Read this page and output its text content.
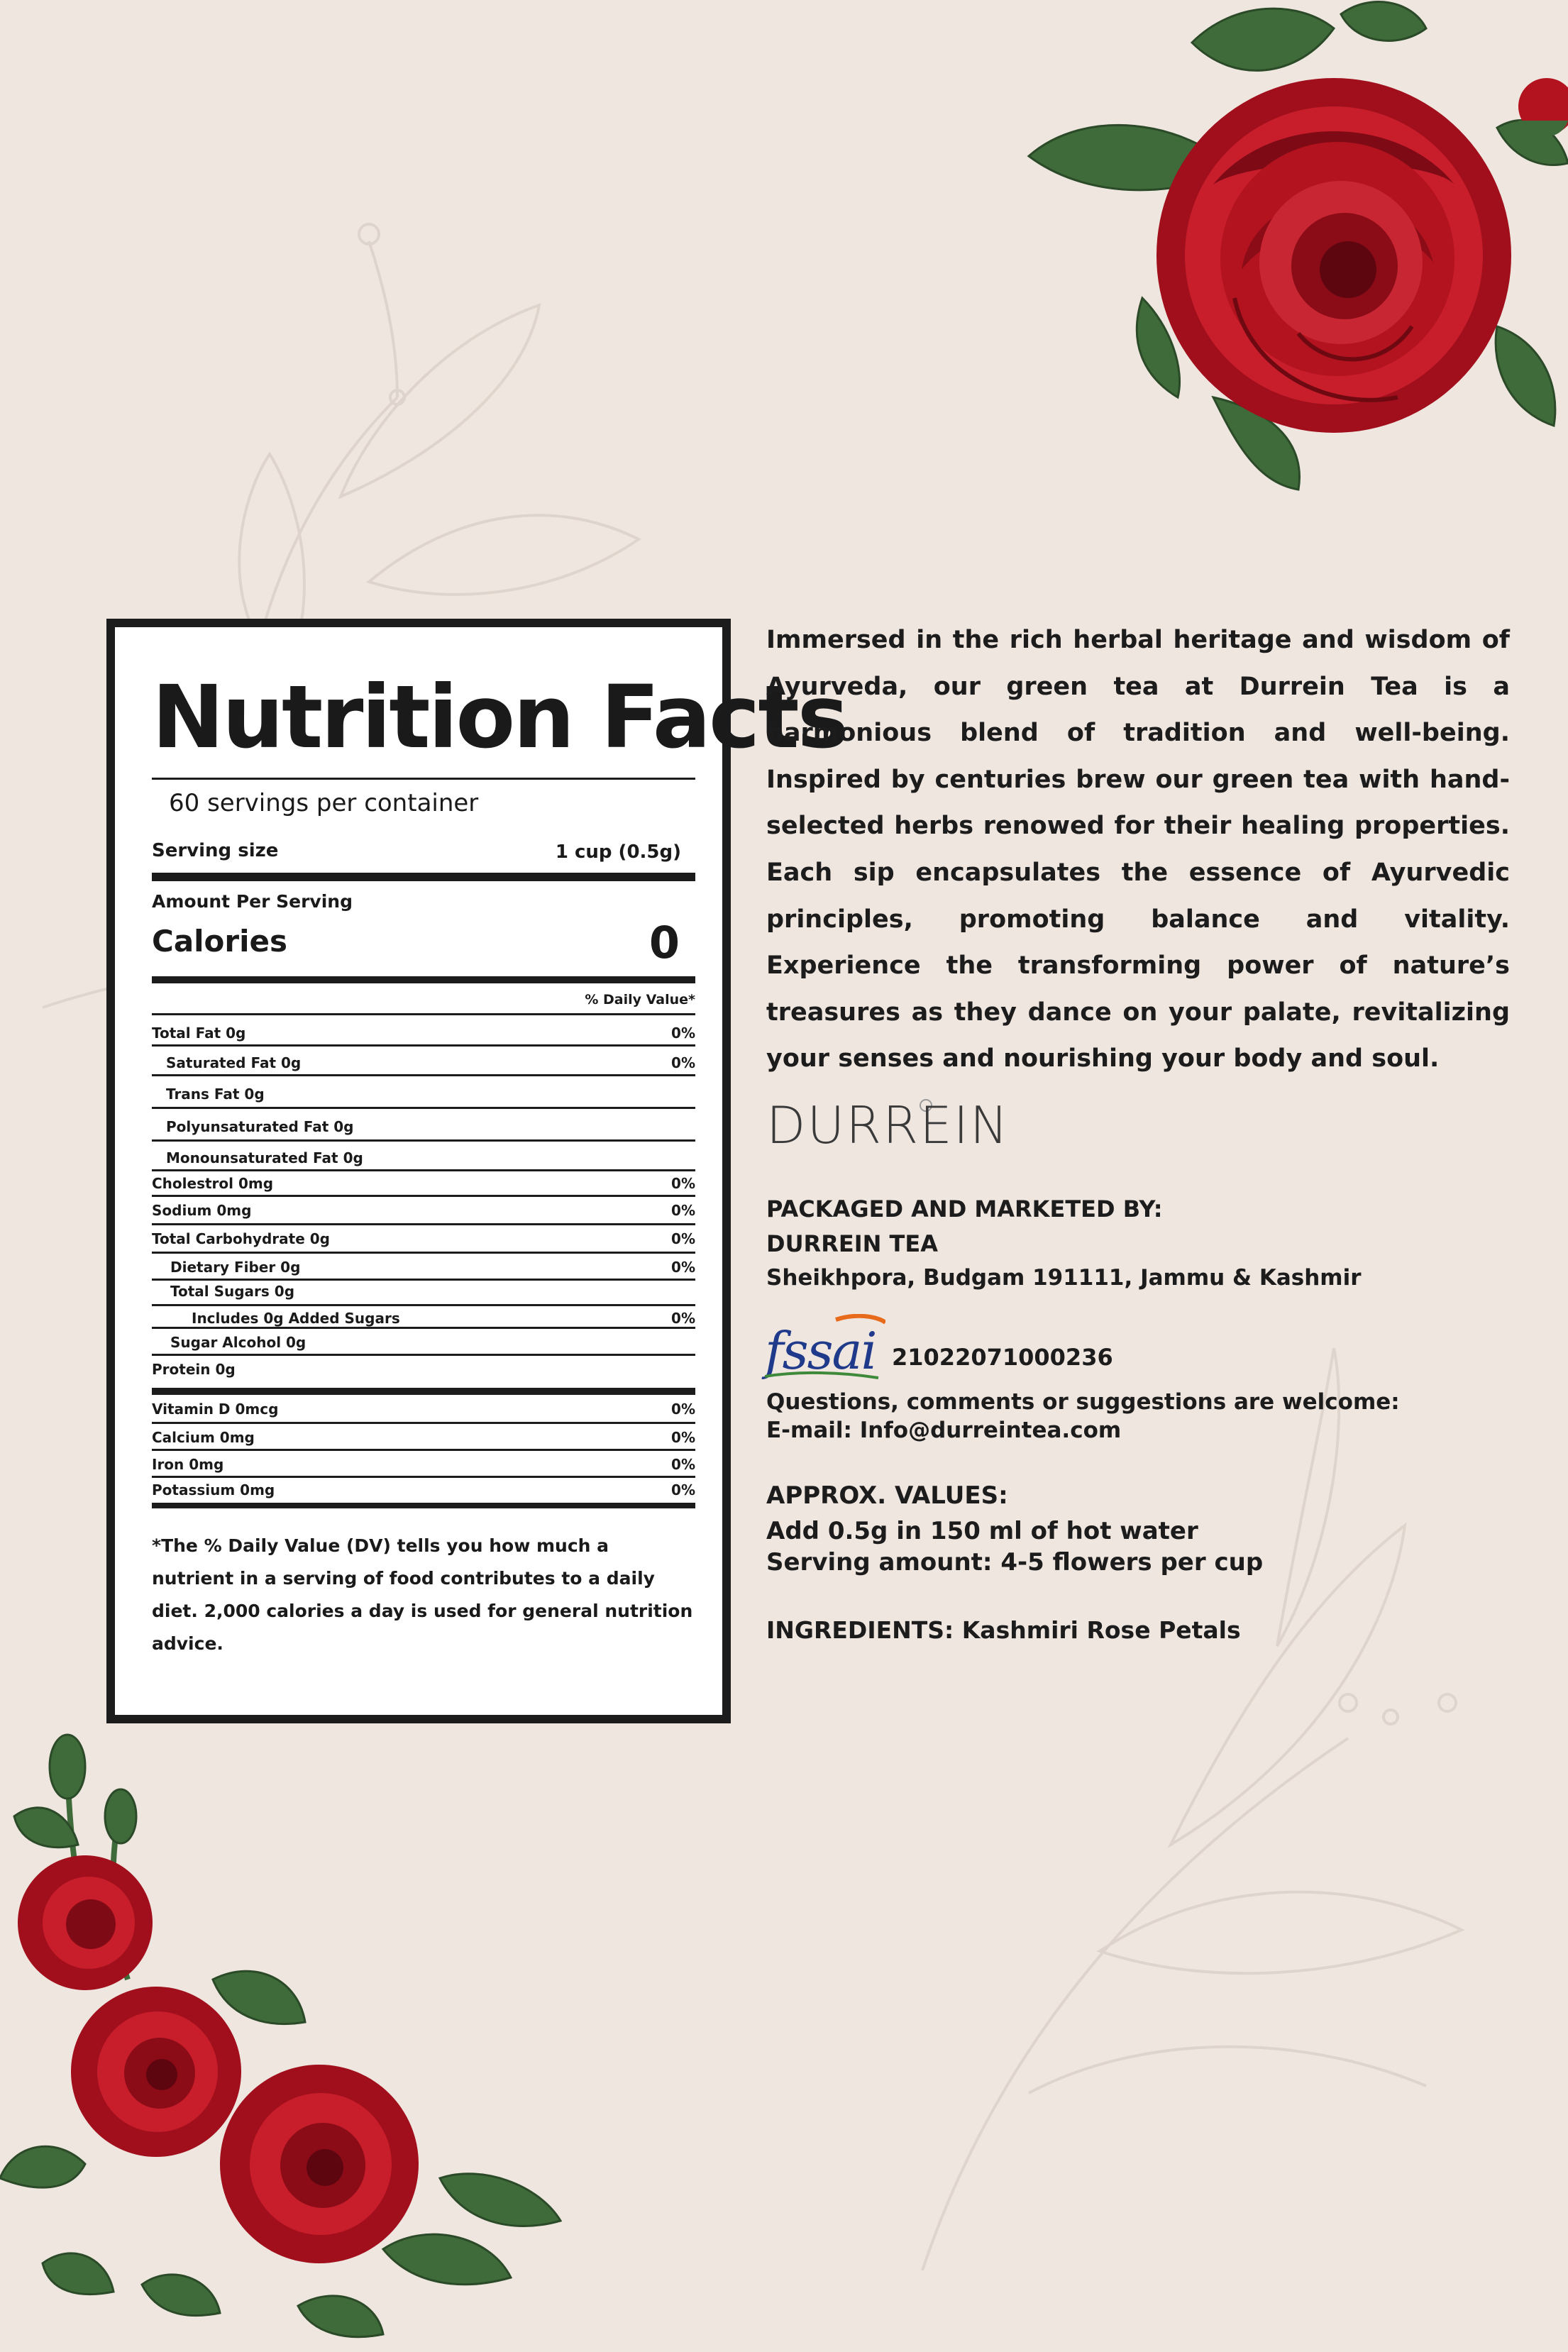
Nutrition Facts
60 servings per container
Serving size	1 cup (0.5g)
Amount Per Serving
Calories	0
% Daily Value*
Total Fat 0g	0%
Saturated Fat 0g	0%
Trans Fat 0g
Polyunsaturated Fat 0g
Monounsaturated Fat 0g
Cholestrol 0mg	0%
Sodium 0mg	0%
Total Carbohydrate 0g	0%
Dietary Fiber 0g	0%
Total Sugars 0g
Includes 0g Added Sugars	0%
Sugar Alcohol 0g
Protein 0g
Vitamin D 0mcg	0%
Calcium 0mg	0%
Iron 0mg	0%
Potassium 0mg	0%
*The % Daily Value (DV) tells you how much a nutrient in a serving of food contributes to a daily diet. 2,000 calories a day is used for general nutrition advice.
Immersed in the rich herbal heritage and wisdom of Ayurveda, our green tea at Durrein Tea is a harmonious blend of tradition and well-being. Inspired by centuries brew our green tea with hand-selected herbs renowed for their healing properties. Each sip encapsulates the essence of Ayurvedic principles, promoting balance and vitality. Experience the transforming power of nature’s treasures as they dance on your palate, revitalizing your senses and nourishing your body and soul.
DURREIN
PACKAGED AND MARKETED BY:
DURREIN TEA
Sheikhpora, Budgam 191111, Jammu & Kashmir
fssai 21022071000236
Questions, comments or suggestions are welcome:
E-mail: Info@durreintea.com
APPROX. VALUES:
Add 0.5g in 150 ml of hot water
Serving amount: 4-5 flowers per cup
INGREDIENTS: Kashmiri Rose Petals
